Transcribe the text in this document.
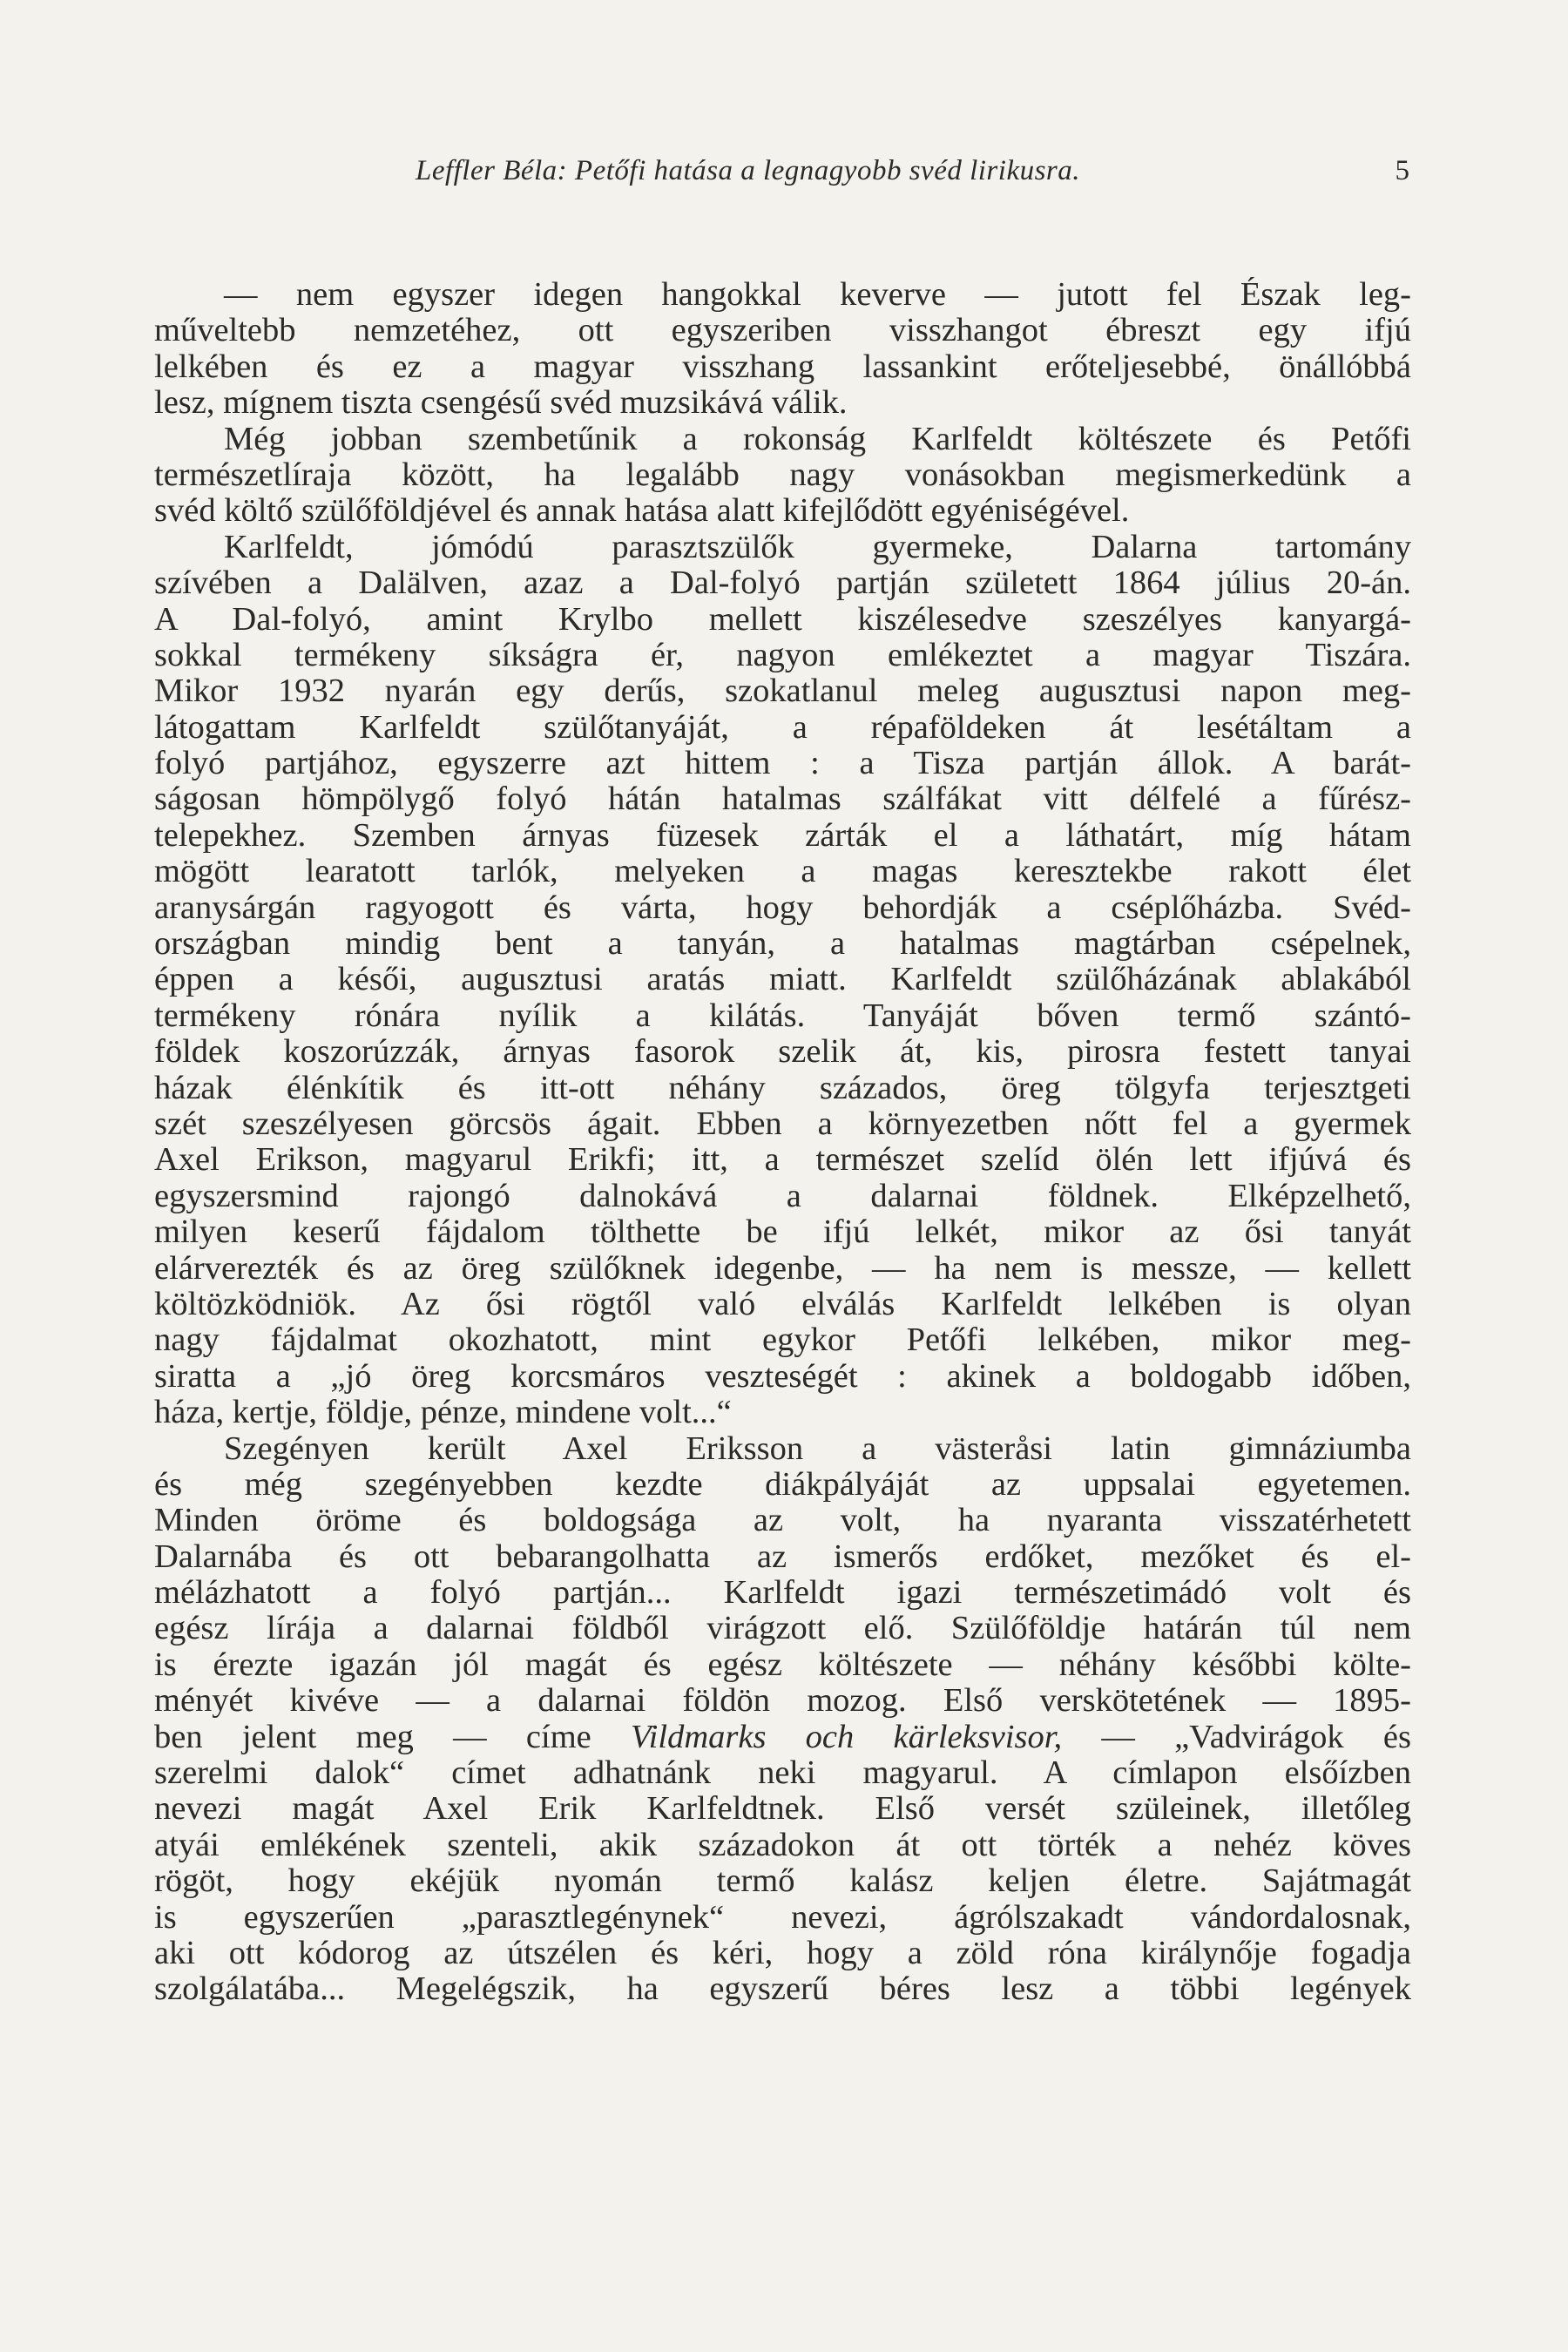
Leffler Béla: Petőfi hatása a legnagyobb svéd lirikusra.	5
— nem egyszer idegen hangokkal keverve — jutott fel Észak leg-
műveltebb nemzetéhez, ott egyszeriben visszhangot ébreszt egy ifjú
lelkében és ez a magyar visszhang lassankint erőteljesebbé, önállóbbá
lesz, mígnem tiszta csengésű svéd muzsikává válik.
Még jobban szembetűnik a rokonság Karlfeldt költészete és Petőfi
természetlíraja között, ha legalább nagy vonásokban megismerkedünk a
svéd költő szülőföldjével és annak hatása alatt kifejlődött egyéniségével.
Karlfeldt, jómódú parasztszülők gyermeke, Dalarna tartomány
szívében a Dalälven, azaz a Dal-folyó partján született 1864 július 20-án.
A Dal-folyó, amint Krylbo mellett kiszélesedve szeszélyes kanyargá-
sokkal termékeny síkságra ér, nagyon emlékeztet a magyar Tiszára.
Mikor 1932 nyarán egy derűs, szokatlanul meleg augusztusi napon meg-
látogattam Karlfeldt szülőtanyáját, a répaföldeken át lesétáltam a
folyó partjához, egyszerre azt hittem : a Tisza partján állok. A barát-
ságosan hömpölygő folyó hátán hatalmas szálfákat vitt délfelé a fűrész-
telepekhez. Szemben árnyas füzesek zárták el a láthatárt, míg hátam
mögött learatott tarlók, melyeken a magas keresztekbe rakott élet
aranysárgán ragyogott és várta, hogy behordják a cséplőházba. Svéd-
országban mindig bent a tanyán, a hatalmas magtárban csépelnek,
éppen a késői, augusztusi aratás miatt. Karlfeldt szülőházának ablakából
termékeny rónára nyílik a kilátás. Tanyáját bőven termő szántó-
földek koszorúzzák, árnyas fasorok szelik át, kis, pirosra festett tanyai
házak élénkítik és itt-ott néhány százados, öreg tölgyfa terjesztgeti
szét szeszélyesen görcsös ágait. Ebben a környezetben nőtt fel a gyermek
Axel Erikson, magyarul Erikfi; itt, a természet szelíd ölén lett ifjúvá és
egyszersmind rajongó dalnokává a dalarnai földnek. Elképzelhető,
milyen keserű fájdalom tölthette be ifjú lelkét, mikor az ősi tanyát
elárverezték és az öreg szülőknek idegenbe, — ha nem is messze, — kellett
költözködniök. Az ősi rögtől való elválás Karlfeldt lelkében is olyan
nagy fájdalmat okozhatott, mint egykor Petőfi lelkében, mikor meg-
siratta a „jó öreg korcsmáros veszteségét : akinek a boldogabb időben,
háza, kertje, földje, pénze, mindene volt...“
Szegényen került Axel Eriksson a västeråsi latin gimnáziumba
és még szegényebben kezdte diákpályáját az uppsalai egyetemen.
Minden öröme és boldogsága az volt, ha nyaranta visszatérhetett
Dalarnába és ott bebarangolhatta az ismerős erdőket, mezőket és el-
mélázhatott a folyó partján... Karlfeldt igazi természetimádó volt és
egész lírája a dalarnai földből virágzott elő. Szülőföldje határán túl nem
is érezte igazán jól magát és egész költészete — néhány későbbi költe-
ményét kivéve — a dalarnai földön mozog. Első verskötetének — 1895-
ben jelent meg — címe Vildmarks och kärleksvisor, — „Vadvirágok és
szerelmi dalok“ címet adhatnánk neki magyarul. A címlapon elsőízben
nevezi magát Axel Erik Karlfeldtnek. Első versét szüleinek, illetőleg
atyái emlékének szenteli, akik századokon át ott törték a nehéz köves
rögöt, hogy ekéjük nyomán termő kalász keljen életre. Sajátmagát
is egyszerűen „parasztlegénynek“ nevezi, ágrólszakadt vándordalosnak,
aki ott kódorog az útszélen és kéri, hogy a zöld róna királynője fogadja
szolgálatába... Megelégszik, ha egyszerű béres lesz a többi legények
